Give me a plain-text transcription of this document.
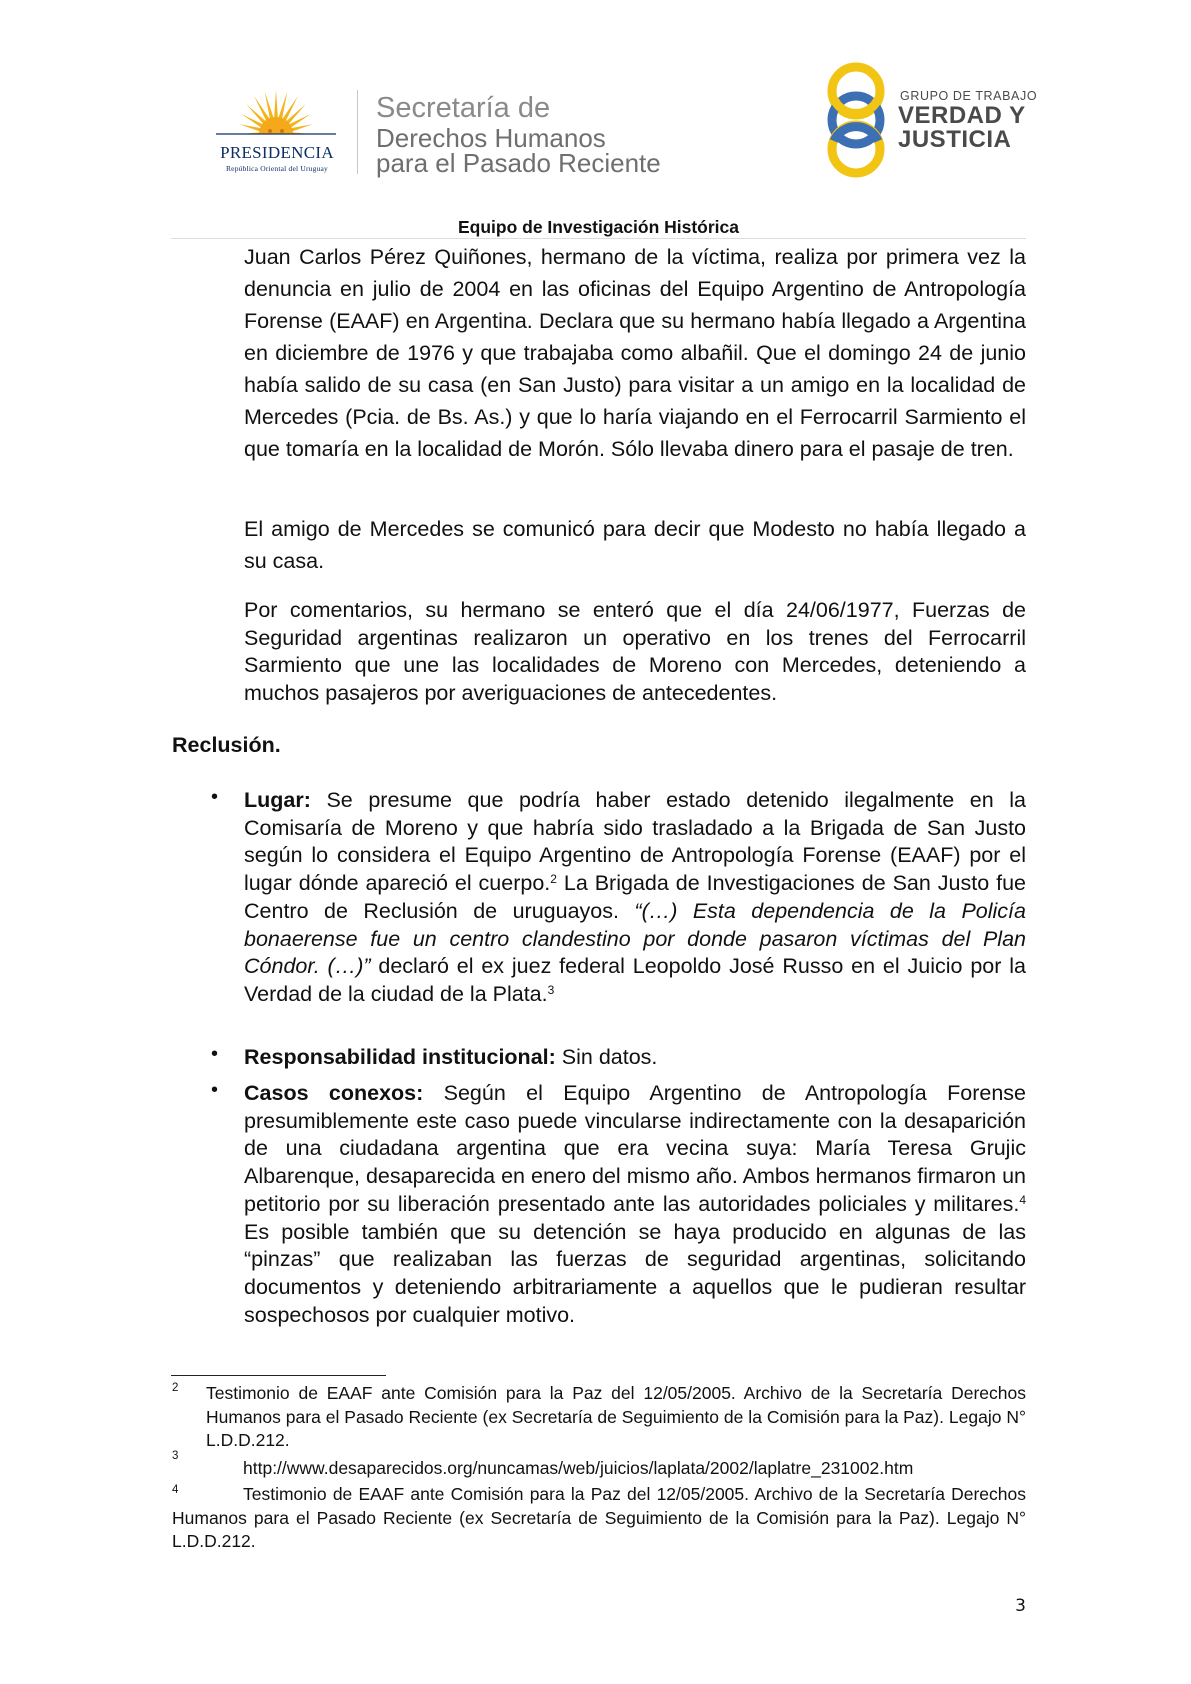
PRESIDENCIA
República Oriental del Uruguay
Secretaría de
Derechos Humanos
para el Pasado Reciente
GRUPO DE TRABAJO
VERDAD Y
JUSTICIA
Equipo de Investigación Histórica

Juan Carlos Pérez Quiñones, hermano de la víctima, realiza por primera vez la denuncia en julio de 2004 en las oficinas del Equipo Argentino de Antropología Forense (EAAF) en Argentina. Declara que su hermano había llegado a Argentina en diciembre de 1976 y que trabajaba como albañil. Que el domingo 24 de junio había salido de su casa (en San Justo) para visitar a un amigo en la localidad de Mercedes (Pcia. de Bs. As.) y que lo haría viajando en el Ferrocarril Sarmiento el que tomaría en la localidad de Morón. Sólo llevaba dinero para el pasaje de tren.

El amigo de Mercedes se comunicó para decir que Modesto no había llegado a su casa.

Por comentarios, su hermano se enteró que el día 24/06/1977, Fuerzas de Seguridad argentinas realizaron un operativo en los trenes del Ferrocarril Sarmiento que une las localidades de Moreno con Mercedes, deteniendo a muchos pasajeros por averiguaciones de antecedentes.

Reclusión.
• Lugar: Se presume que podría haber estado detenido ilegalmente en la Comisaría de Moreno y que habría sido trasladado a la Brigada de San Justo según lo considera el Equipo Argentino de Antropología Forense (EAAF) por el lugar dónde apareció el cuerpo.$^2$ La Brigada de Investigaciones de San Justo fue Centro de Reclusión de uruguayos. “(…) Esta dependencia de la Policía bonaerense fue un centro clandestino por donde pasaron víctimas del Plan Cóndor. (…)” declaró el ex juez federal Leopoldo José Russo en el Juicio por la Verdad de la ciudad de la Plata.$^3$

• Responsabilidad institucional: Sin datos.

• Casos conexos: Según el Equipo Argentino de Antropología Forense presumiblemente este caso puede vincularse indirectamente con la desaparición de una ciudadana argentina que era vecina suya: María Teresa Grujic Albarenque, desaparecida en enero del mismo año. Ambos hermanos firmaron un petitorio por su liberación presentado ante las autoridades policiales y militares.$^4$ Es posible también que su detención se haya producido en algunas de las “pinzas” que realizaban las fuerzas de seguridad argentinas, solicitando documentos y deteniendo arbitrariamente a aquellos que le pudieran resultar sospechosos por cualquier motivo.

2 Testimonio de EAAF ante Comisión para la Paz del 12/05/2005. Archivo de la Secretaría Derechos Humanos para el Pasado Reciente (ex Secretaría de Seguimiento de la Comisión para la Paz). Legajo N° L.D.D.212.

3

http://www.desaparecidos.org/nuncamas/web/juicios/laplata/2002/laplatre_231002.htm

4	Testimonio de EAAF ante Comisión para la Paz del 12/05/2005. Archivo de la Secretaría Derechos Humanos para el Pasado Reciente (ex Secretaría de Seguimiento de la Comisión para la Paz). Legajo N° L.D.D.212.

3
